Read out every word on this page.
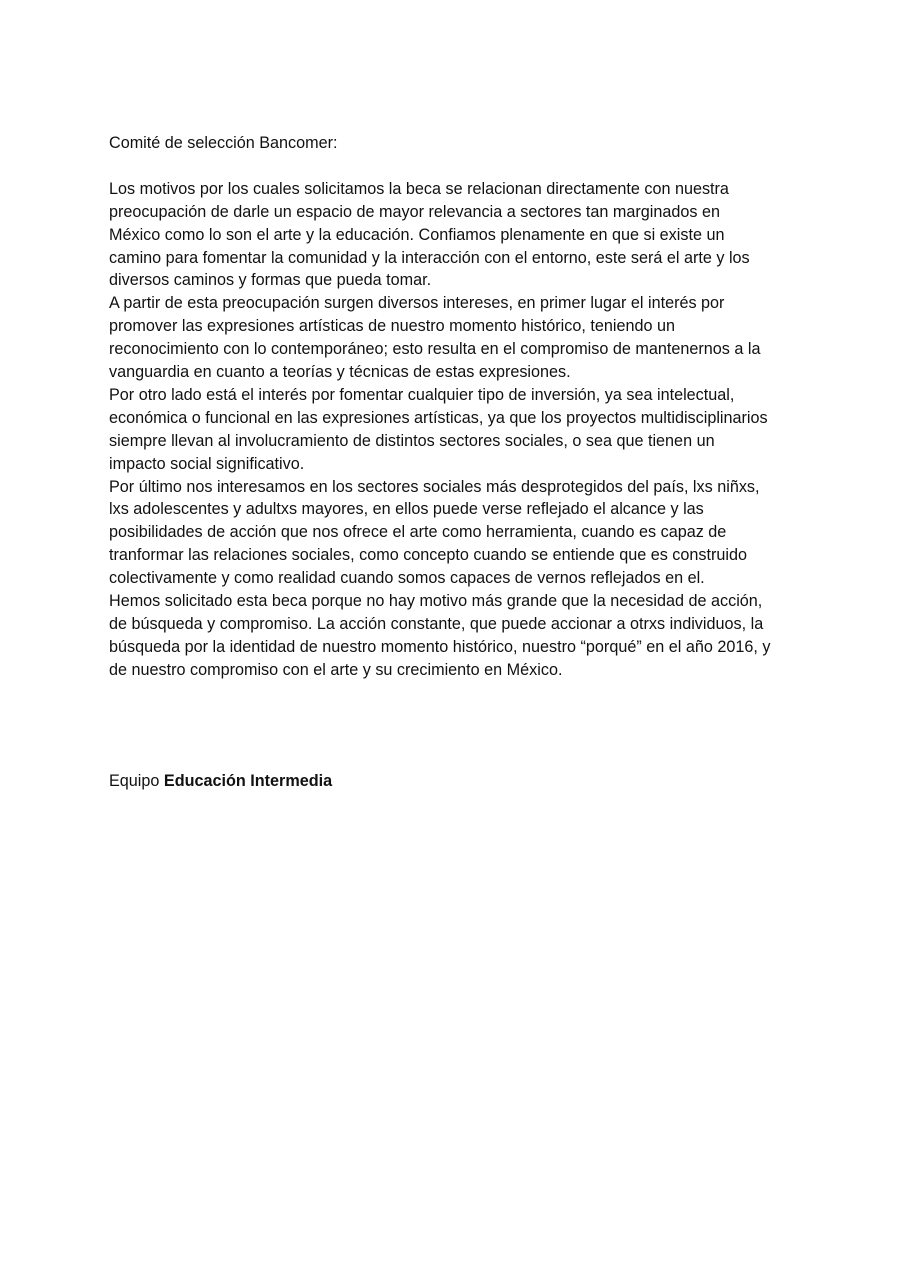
Comité de selección Bancomer:

Los motivos por los cuales solicitamos la beca se relacionan directamente con nuestra

preocupación de darle un espacio de mayor relevancia a sectores tan marginados en

México como lo son el arte y la educación. Confiamos plenamente en que si existe un

camino para fomentar la comunidad y la interacción con el entorno, este será el arte y los

diversos caminos y formas que pueda tomar.

A partir de esta preocupación surgen diversos intereses, en primer lugar el interés por

promover las expresiones artísticas de nuestro momento histórico, teniendo un

reconocimiento con lo contemporáneo; esto resulta en el compromiso de mantenernos a la

vanguardia en cuanto a teorías y técnicas de estas expresiones.

Por otro lado está el interés por fomentar cualquier tipo de inversión, ya sea intelectual,

económica o funcional en las expresiones artísticas, ya que los proyectos multidisciplinarios

siempre llevan al involucramiento de distintos sectores sociales, o sea que tienen un

impacto social significativo.

Por último nos interesamos en los sectores sociales más desprotegidos del país, lxs niñxs,

lxs adolescentes y adultxs mayores, en ellos puede verse reflejado el alcance y las

posibilidades de acción que nos ofrece el arte como herramienta, cuando es capaz de

tranformar las relaciones sociales, como concepto cuando se entiende que es construido

colectivamente y como realidad cuando somos capaces de vernos reflejados en el.

Hemos solicitado esta beca porque no hay motivo más grande que la necesidad de acción,

de búsqueda y compromiso. La acción constante, que puede accionar a otrxs individuos, la

búsqueda por la identidad de nuestro momento histórico, nuestro “porqué” en el año 2016, y

de nuestro compromiso con el arte y su crecimiento en México.

Equipo Educación Intermedia
